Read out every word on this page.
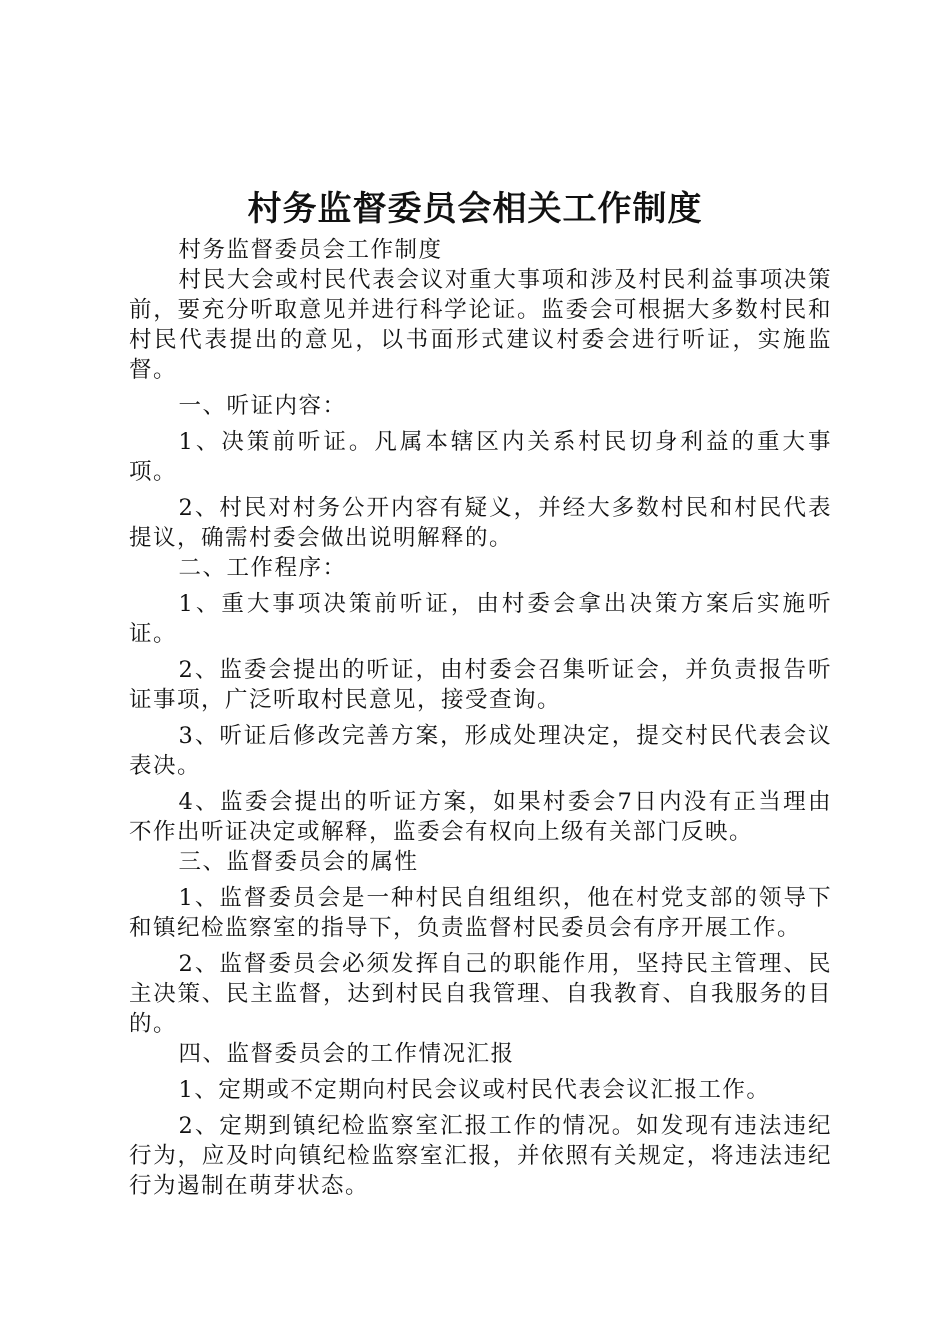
村务监督委员会相关工作制度

村务监督委员会工作制度

村民大会或村民代表会议对重大事项和涉及村民利益事项决策前，要充分听取意见并进行科学论证。监委会可根据大多数村民和村民代表提出的意见，以书面形式建议村委会进行听证，实施监督。

一、听证内容：

1、决策前听证。凡属本辖区内关系村民切身利益的重大事项。

2、村民对村务公开内容有疑义，并经大多数村民和村民代表提议，确需村委会做出说明解释的。

二、工作程序：

1、重大事项决策前听证，由村委会拿出决策方案后实施听证。

2、监委会提出的听证，由村委会召集听证会，并负责报告听证事项，广泛听取村民意见，接受查询。

3、听证后修改完善方案，形成处理决定，提交村民代表会议表决。

4、监委会提出的听证方案，如果村委会7日内没有正当理由不作出听证决定或解释，监委会有权向上级有关部门反映。

三、监督委员会的属性

1、监督委员会是一种村民自组组织，他在村党支部的领导下和镇纪检监察室的指导下，负责监督村民委员会有序开展工作。

2、监督委员会必须发挥自己的职能作用，坚持民主管理、民主决策、民主监督，达到村民自我管理、自我教育、自我服务的目的。

四、监督委员会的工作情况汇报

1、定期或不定期向村民会议或村民代表会议汇报工作。

2、定期到镇纪检监察室汇报工作的情况。如发现有违法违纪行为，应及时向镇纪检监察室汇报，并依照有关规定，将违法违纪行为遏制在萌芽状态。
